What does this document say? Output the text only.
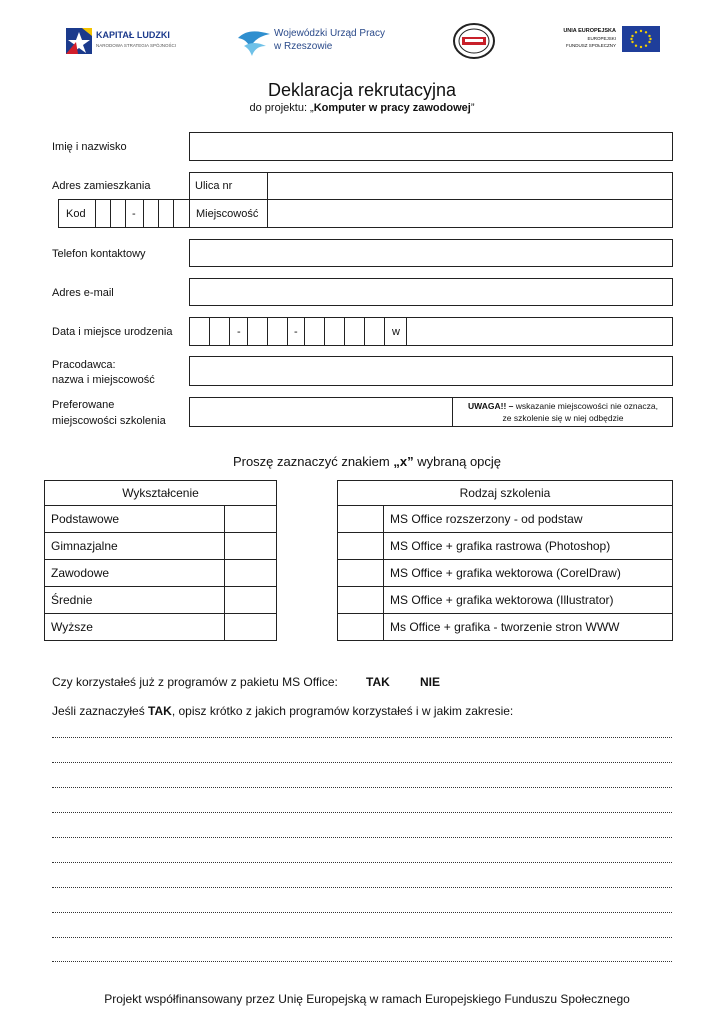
KAPITAŁ LUDZKI
NARODOWA STRATEGIA SPÓJNOŚCI
Wojewódzki Urząd Pracy
w Rzeszowie
UNIA EUROPEJSKA
EUROPEJSKI
FUNDUSZ SPOŁECZNY
Deklaracja rekrutacyjna
do projektu: „Komputer w pracy zawodowej”
Imię i nazwisko
Adres zamieszkania	Ulica nr
Kod	-	Miejscowość
Telefon kontaktowy
Adres e-mail
Data i miejsce urodzenia	-	-	w
Pracodawca:
nazwa i miejscowość
Preferowane
miejscowości szkolenia
UWAGA!! – wskazanie miejscowości nie oznacza,
ze szkolenie się w niej odbędzie
Proszę zaznaczyć znakiem „x” wybraną opcję
Wykształcenie	
Podstawowe	
Gimnazjalne	
Zawodowe	
Średnie	
Wyższe	
Rodzaj szkolenia	
	MS Office rozszerzony - od podstaw
	MS Office + grafika rastrowa (Photoshop)
	MS Office + grafika wektorowa (CorelDraw)
	MS Office + grafika wektorowa (Illustrator)
	Ms Office + grafika - tworzenie stron WWW
Czy korzystałeś już z programów z pakietu MS Office: TAK	NIE
Jeśli zaznaczyłeś TAK, opisz krótko z jakich programów korzystałeś i w jakim zakresie:
Projekt współfinansowany przez Unię Europejską w ramach Europejskiego Funduszu Społecznego
